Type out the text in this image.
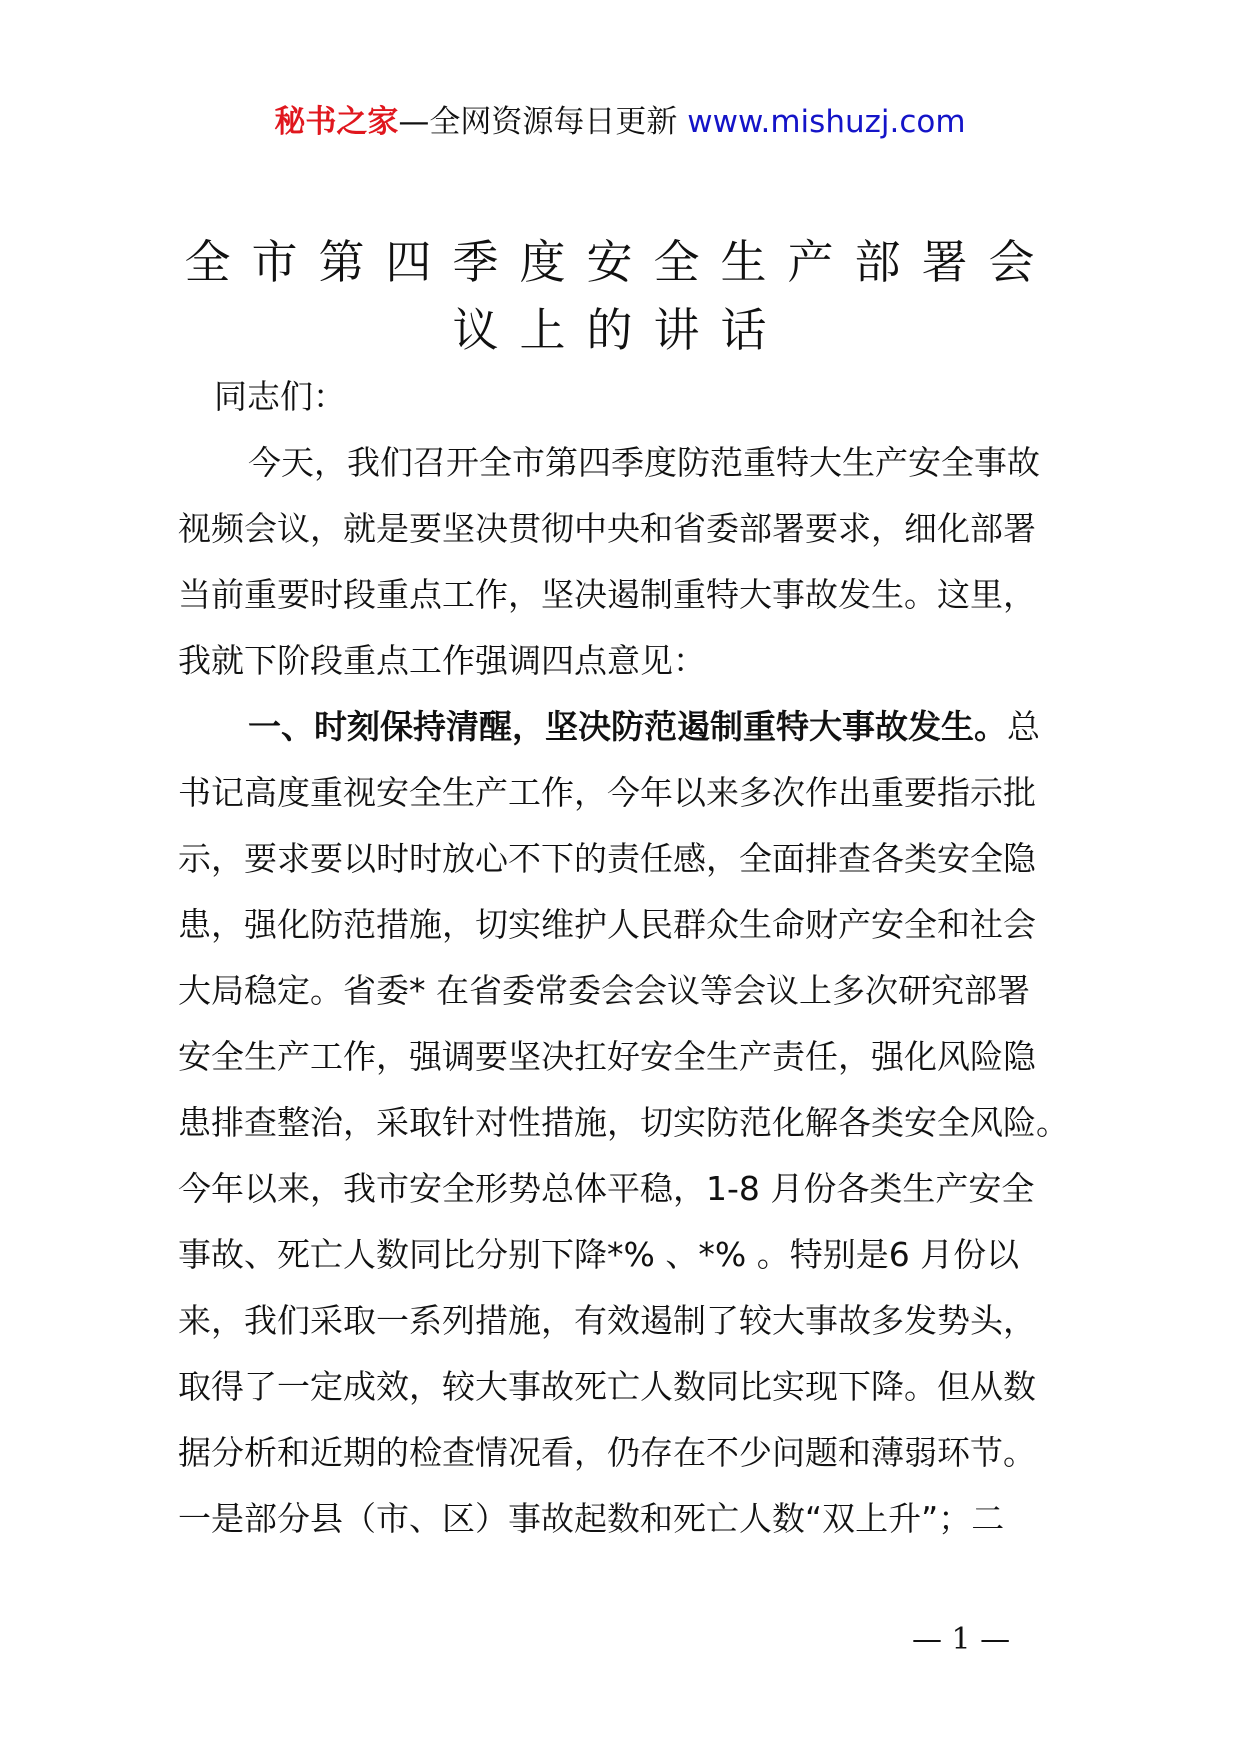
秘书之家—全网资源每日更新 www.mishuzj.com
全市第四季度安全生产部署会
议上的讲话
同志们：
今天，我们召开全市第四季度防范重特大生产安全事故
视频会议，就是要坚决贯彻中央和省委部署要求，细化部署
当前重要时段重点工作，坚决遏制重特大事故发生。这里，
我就下阶段重点工作强调四点意见：
一、时刻保持清醒，坚决防范遏制重特大事故发生。总
书记高度重视安全生产工作，今年以来多次作出重要指示批
示，要求要以时时放心不下的责任感，全面排查各类安全隐
患，强化防范措施，切实维护人民群众生命财产安全和社会
大局稳定。省委* 在省委常委会会议等会议上多次研究部署
安全生产工作，强调要坚决扛好安全生产责任，强化风险隐
患排查整治，采取针对性措施，切实防范化解各类安全风险。
今年以来，我市安全形势总体平稳，1-8 月份各类生产安全
事故、死亡人数同比分别下降*% 、*% 。特别是6 月份以
来，我们采取一系列措施，有效遏制了较大事故多发势头，
取得了一定成效，较大事故死亡人数同比实现下降。但从数
据分析和近期的检查情况看，仍存在不少问题和薄弱环节。
一是部分县（市、区）事故起数和死亡人数“双上升”；二
— 1 —
